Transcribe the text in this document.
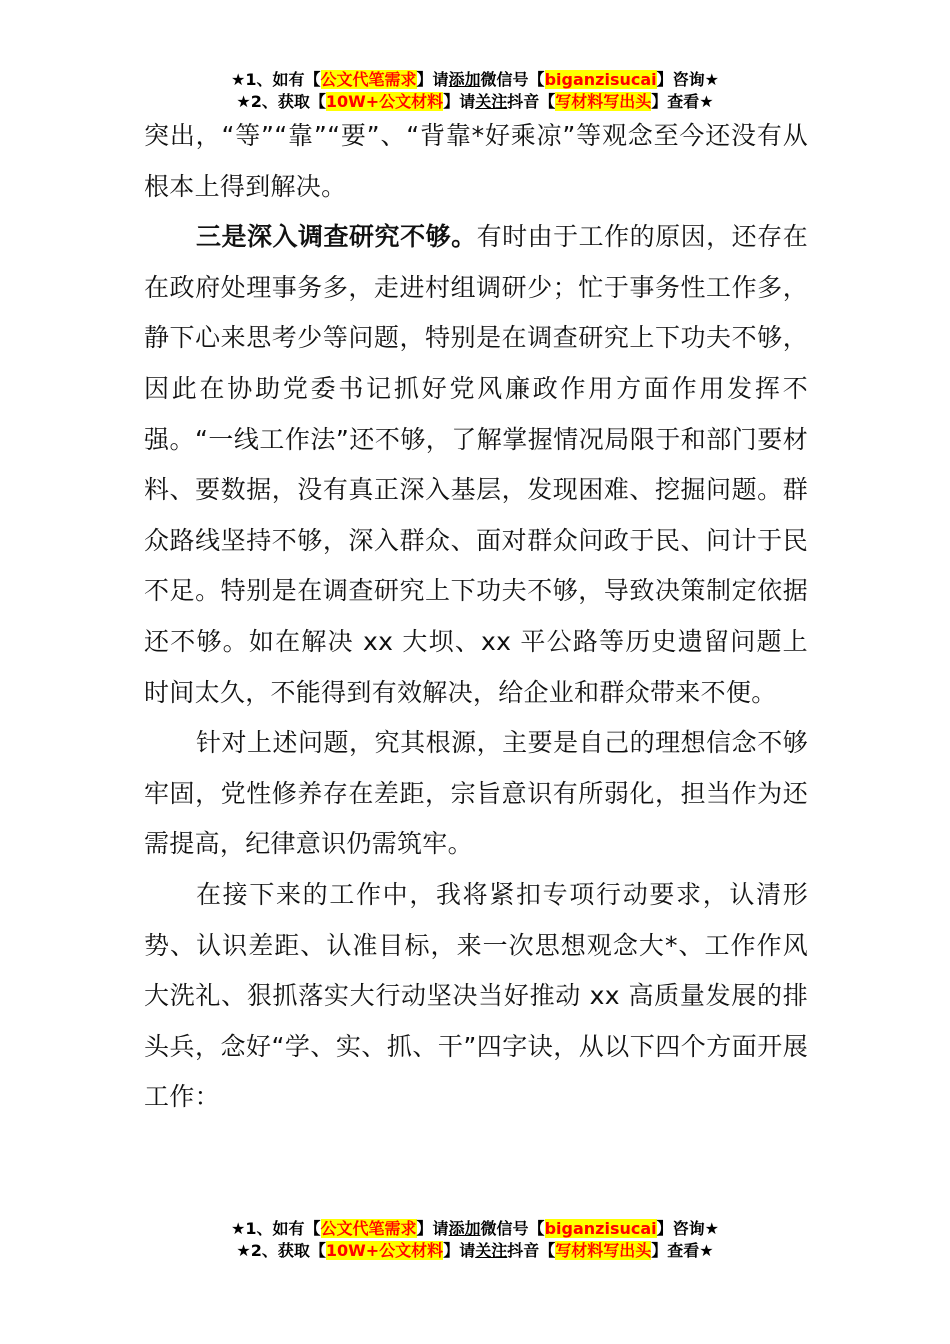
★1、如有【公文代笔需求】请添加微信号【biganzisucai】咨询★
★2、获取【10W+公文材料】请关注抖音【写材料写出头】查看★

突出，“等”“靠”“要”、“背靠*好乘凉”等观念至今还没有从根本上得到解决。

三是深入调查研究不够。有时由于工作的原因，还存在在政府处理事务多，走进村组调研少；忙于事务性工作多，静下心来思考少等问题，特别是在调查研究上下功夫不够，因此在协助党委书记抓好党风廉政作用方面作用发挥不强。“一线工作法”还不够，了解掌握情况局限于和部门要材料、要数据，没有真正深入基层，发现困难、挖掘问题。群众路线坚持不够，深入群众、面对群众问政于民、问计于民不足。特别是在调查研究上下功夫不够，导致决策制定依据还不够。如在解决 xx 大坝、xx 平公路等历史遗留问题上时间太久，不能得到有效解决，给企业和群众带来不便。

针对上述问题，究其根源，主要是自己的理想信念不够牢固，党性修养存在差距，宗旨意识有所弱化，担当作为还需提高，纪律意识仍需筑牢。

在接下来的工作中，我将紧扣专项行动要求，认清形势、认识差距、认准目标，来一次思想观念大*、工作作风大洗礼、狠抓落实大行动坚决当好推动 xx 高质量发展的排头兵，念好“学、实、抓、干”四字诀，从以下四个方面开展工作：

★1、如有【公文代笔需求】请添加微信号【biganzisucai】咨询★
★2、获取【10W+公文材料】请关注抖音【写材料写出头】查看★
